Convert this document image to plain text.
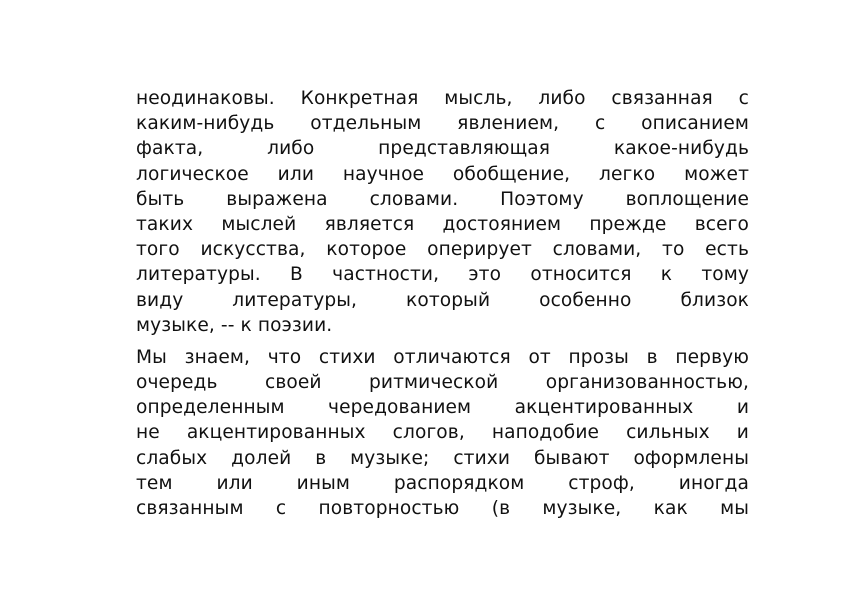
неодинаковы. Конкретная мысль, либо связанная с
каким-нибудь отдельным явлением, с описанием
факта, либо представляющая какое-нибудь
логическое или научное обобщение, легко может
быть выражена словами. Поэтому воплощение
таких мыслей является достоянием прежде всего
того искусства, которое оперирует словами, то есть
литературы. В частности, это относится к тому
виду литературы, который особенно близок
музыке, -- к поэзии.
Мы знаем, что стихи отличаются от прозы в первую
очередь своей ритмической организованностью,
определенным чередованием акцентированных и
не акцентированных слогов, наподобие сильных и
слабых долей в музыке; стихи бывают оформлены
тем или иным распорядком строф, иногда
связанным с повторностью (в музыке, как мы
